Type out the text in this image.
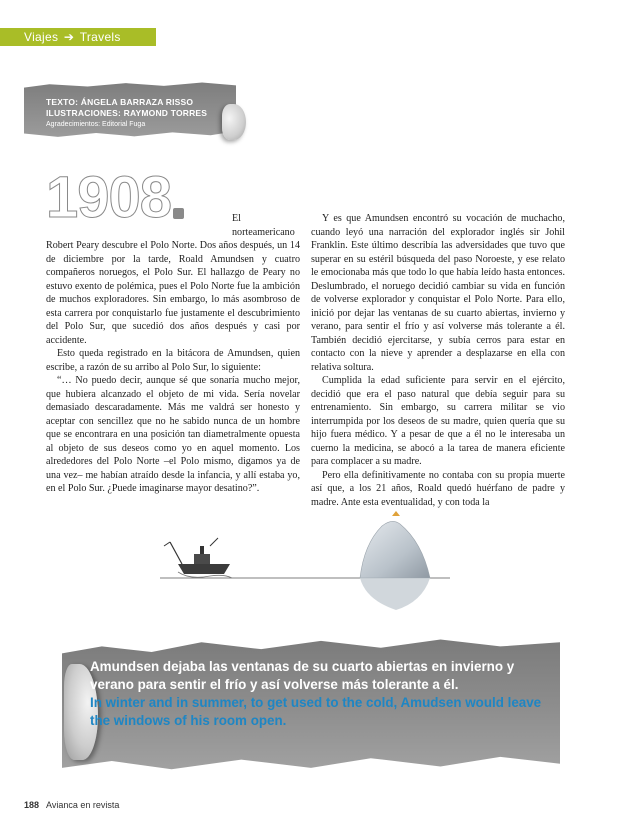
Viajes ➔ Travels
TEXTO: ÁNGELA BARRAZA RISSO
ILUSTRACIONES: RAYMOND TORRES
Agradecimientos: Editorial Fuga
1908	El norteamericano Robert Peary descubre el Polo Norte. Dos años después, un 14 de diciembre por la tarde, Roald Amundsen y cuatro compañeros noruegos, el Polo Sur. El hallazgo de Peary no estuvo exento de polémica, pues el Polo Norte fue la ambición de muchos exploradores. Sin embargo, lo más asombroso de esta carrera por conquistarlo fue justamente el descubrimiento del Polo Sur, que sucedió dos años después y casi por accidente.

Esto queda registrado en la bitácora de Amundsen, quien escribe, a razón de su arribo al Polo Sur, lo siguiente:

“… No puedo decir, aunque sé que sonaría mucho mejor, que hubiera alcanzado el objeto de mi vida. Sería novelar demasiado descaradamente. Más me valdrá ser honesto y aceptar con sencillez que no he sabido nunca de un hombre que se encontrara en una posición tan diametralmente opuesta al objeto de sus deseos como yo en aquel momento. Los alrededores del Polo Norte –el Polo mismo, digamos ya de una vez– me habían atraído desde la infancia, y allí estaba yo, en el Polo Sur. ¿Puede imaginarse mayor desatino?”.

Y es que Amundsen encontró su vocación de muchacho, cuando leyó una narración del explorador inglés sir Johil Franklin. Este último describía las adversidades que tuvo que superar en su estéril búsqueda del paso Noroeste, y ese relato le emocionaba más que todo lo que había leído hasta entonces. Deslumbrado, el noruego decidió cambiar su vida en función de volverse explorador y conquistar el Polo Norte. Para ello, inició por dejar las ventanas de su cuarto abiertas, invierno y verano, para sentir el frío y así volverse más tolerante a él. También decidió ejercitarse, y subía cerros para estar en contacto con la nieve y aprender a desplazarse en ella con relativa soltura.

Cumplida la edad suficiente para servir en el ejército, decidió que era el paso natural que debía seguir para su entrenamiento. Sin embargo, su carrera militar se vio interrumpida por los deseos de su madre, quien quería que su hijo fuera médico. Y a pesar de que a él no le interesaba un cuerno la medicina, se abocó a la tarea de manera eficiente para complacer a su madre.

Pero ella definitivamente no contaba con su propia muerte así que, a los 21 años, Roald quedó huérfano de padre y madre. Ante esta eventualidad, y con toda la

Amundsen dejaba las ventanas de su cuarto abiertas en invierno y verano para sentir el frío y así volverse más tolerante a él.
In winter and in summer, to get used to the cold, Amudsen would leave the windows of his room open.
188 Avianca en revista
